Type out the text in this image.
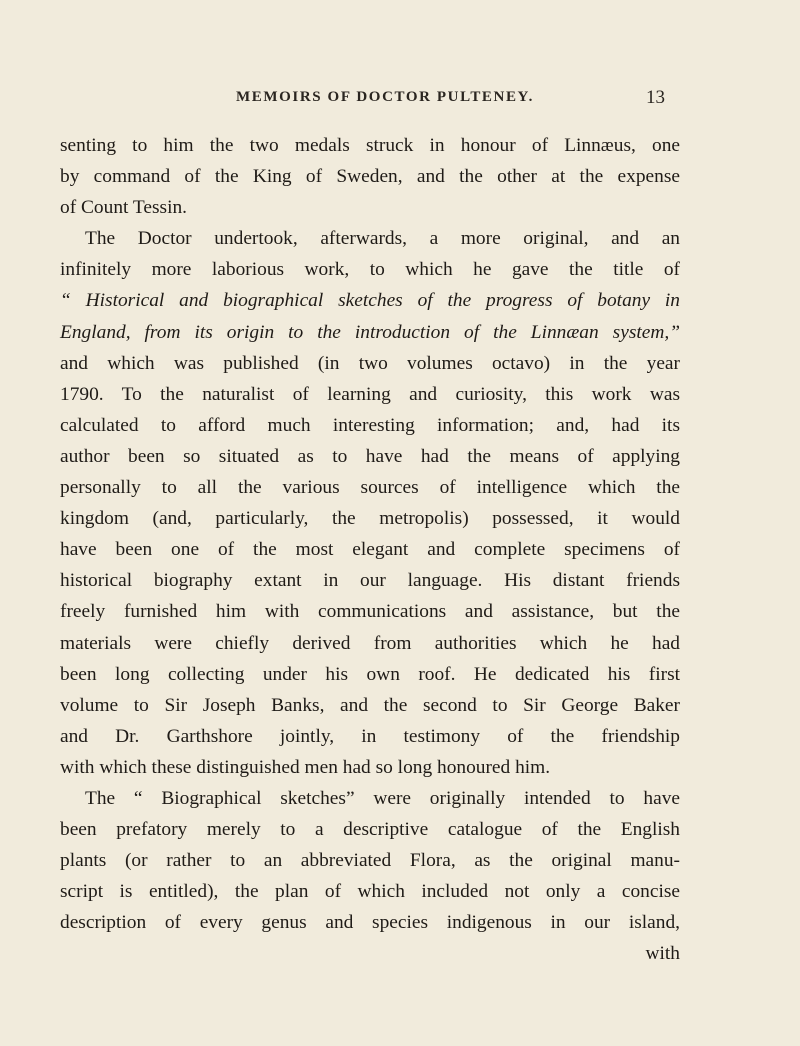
MEMOIRS OF DOCTOR PULTENEY.	13
senting to him the two medals struck in honour of Linnæus, one
by command of the King of Sweden, and the other at the expense
of Count Tessin.
The Doctor undertook, afterwards, a more original, and an
infinitely more laborious work, to which he gave the title of
“ Historical and biographical sketches of the progress of botany in
England, from its origin to the introduction of the Linnæan system,”
and which was published (in two volumes octavo) in the year
1790. To the naturalist of learning and curiosity, this work was
calculated to afford much interesting information; and, had its
author been so situated as to have had the means of applying
personally to all the various sources of intelligence which the
kingdom (and, particularly, the metropolis) possessed, it would
have been one of the most elegant and complete specimens of
historical biography extant in our language. His distant friends
freely furnished him with communications and assistance, but the
materials were chiefly derived from authorities which he had
been long collecting under his own roof. He dedicated his first
volume to Sir Joseph Banks, and the second to Sir George Baker
and Dr. Garthshore jointly, in testimony of the friendship
with which these distinguished men had so long honoured him.
The “ Biographical sketches” were originally intended to have
been prefatory merely to a descriptive catalogue of the English
plants (or rather to an abbreviated Flora, as the original manu-
script is entitled), the plan of which included not only a concise
description of every genus and species indigenous in our island,
with
